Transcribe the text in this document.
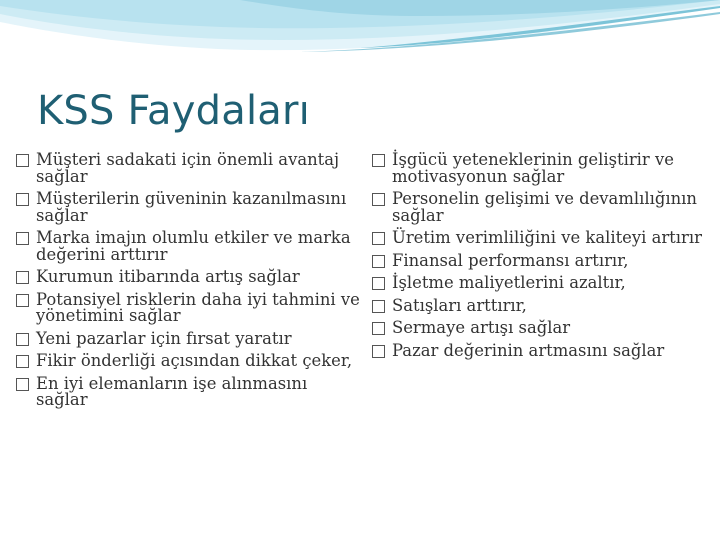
KSS Faydaları
Müşteri sadakati için önemli avantaj sağlar
Müşterilerin güveninin kazanılmasını sağlar
Marka imajın olumlu etkiler ve marka değerini arttırır
Kurumun itibarında artış sağlar
Potansiyel risklerin daha iyi tahmini ve yönetimini sağlar
Yeni pazarlar için fırsat yaratır
Fikir önderliği açısından dikkat çeker,
En iyi elemanların işe alınmasını sağlar
İşgücü yeteneklerinin geliştirir ve motivasyonun sağlar
Personelin gelişimi ve devamlılığının sağlar
Üretim verimliliğini ve kaliteyi artırır
Finansal performansı artırır,
İşletme maliyetlerini azaltır,
Satışları arttırır,
Sermaye artışı sağlar
Pazar değerinin artmasını sağlar
